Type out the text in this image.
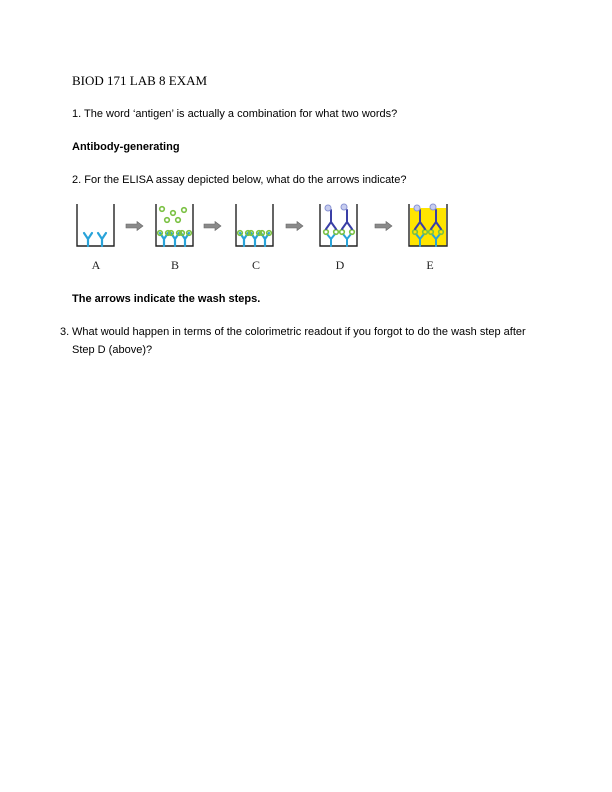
BIOD 171 LAB 8 EXAM
1. The word ‘antigen’ is actually a combination for what two words?
Antibody-generating
2. For the ELISA assay depicted below, what do the arrows indicate?
A	B	C	D	E
The arrows indicate the wash steps.
3. What would happen in terms of the colorimetric readout if you forgot to do the wash step after
Step D (above)?
